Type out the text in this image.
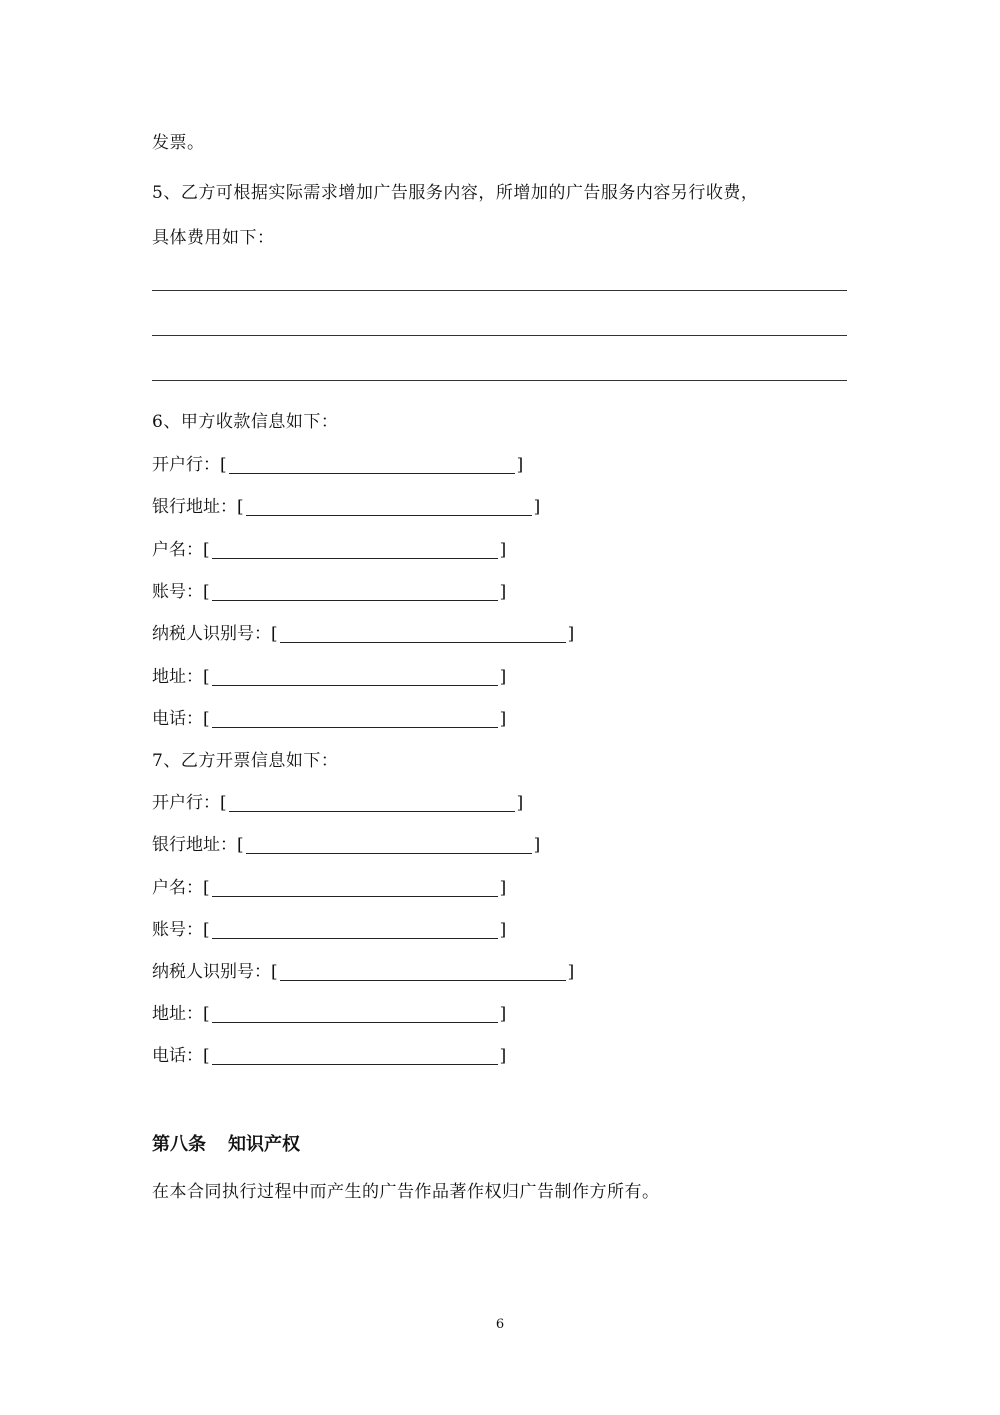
发票。
5、乙方可根据实际需求增加广告服务内容，所增加的广告服务内容另行收费，
具体费用如下：
6、甲方收款信息如下：
开户行： [	]
银行地址： [	]
户名： [	]
账号： [	]
纳税人识别号： [	]
地址： [	]
电话： [	]
7、乙方开票信息如下：
开户行： [	]
银行地址： [	]
户名： [	]
账号： [	]
纳税人识别号： [	]
地址： [	]
电话： [	]
第八条 知识产权
在本合同执行过程中而产生的广告作品著作权归广告制作方所有。
6
